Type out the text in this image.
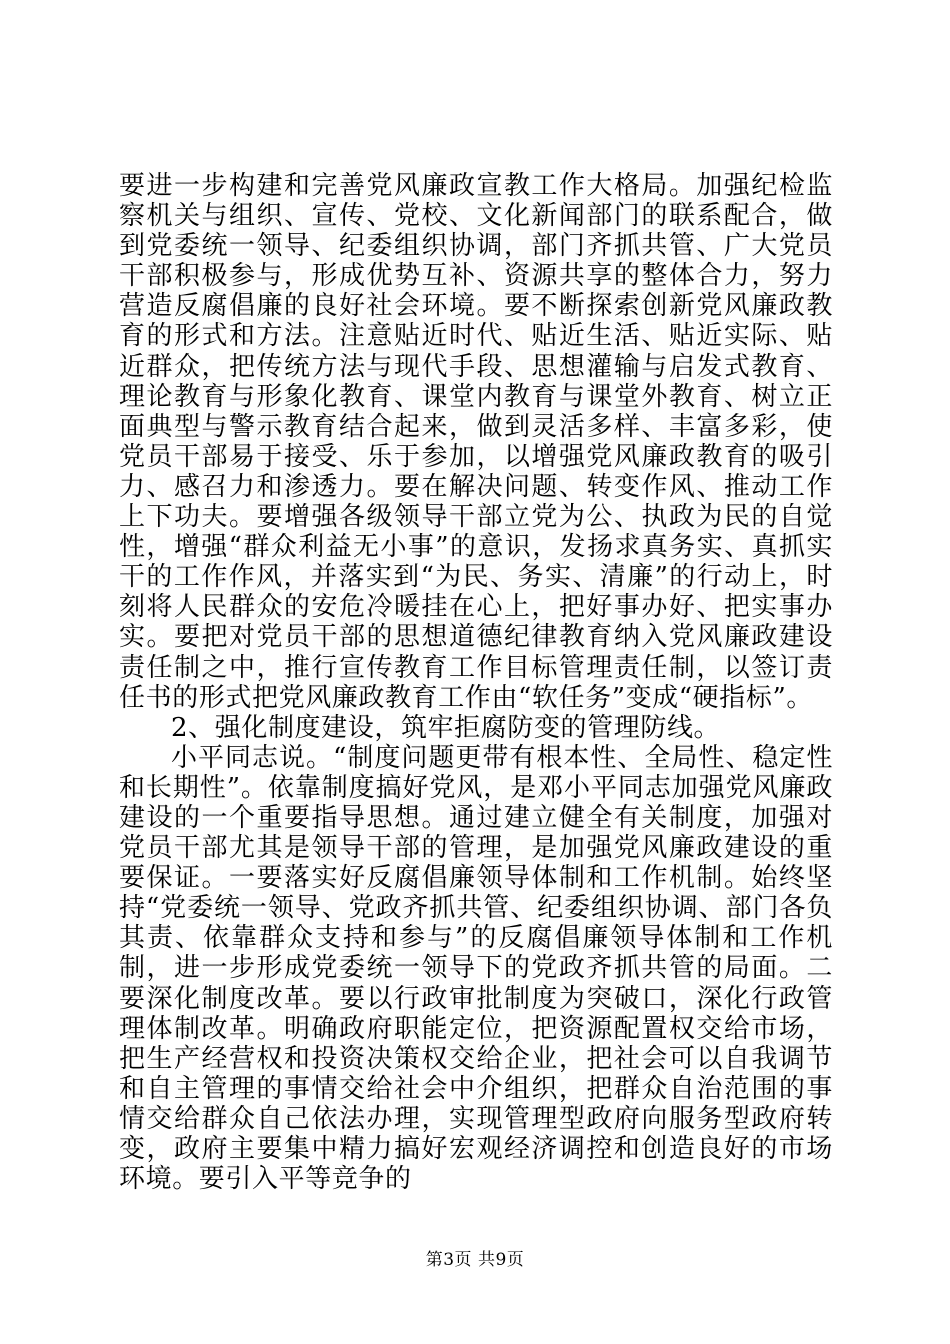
要进一步构建和完善党风廉政宣教工作大格局。加强纪检监察机关与组织、宣传、党校、文化新闻部门的联系配合，做到党委统一领导、纪委组织协调，部门齐抓共管、广大党员干部积极参与，形成优势互补、资源共享的整体合力，努力营造反腐倡廉的良好社会环境。要不断探索创新党风廉政教育的形式和方法。注意贴近时代、贴近生活、贴近实际、贴近群众，把传统方法与现代手段、思想灌输与启发式教育、理论教育与形象化教育、课堂内教育与课堂外教育、树立正面典型与警示教育结合起来，做到灵活多样、丰富多彩，使党员干部易于接受、乐于参加，以增强党风廉政教育的吸引力、感召力和渗透力。要在解决问题、转变作风、推动工作上下功夫。要增强各级领导干部立党为公、执政为民的自觉性，增强“群众利益无小事”的意识，发扬求真务实、真抓实干的工作作风，并落实到“为民、务实、清廉”的行动上，时刻将人民群众的安危冷暖挂在心上，把好事办好、把实事办实。要把对党员干部的思想道德纪律教育纳入党风廉政建设责任制之中，推行宣传教育工作目标管理责任制，以签订责任书的形式把党风廉政教育工作由“软任务”变成“硬指标”。

2、强化制度建设，筑牢拒腐防变的管理防线。

小平同志说。“制度问题更带有根本性、全局性、稳定性和长期性”。依靠制度搞好党风，是邓小平同志加强党风廉政建设的一个重要指导思想。通过建立健全有关制度，加强对党员干部尤其是领导干部的管理，是加强党风廉政建设的重要保证。一要落实好反腐倡廉领导体制和工作机制。始终坚持“党委统一领导、党政齐抓共管、纪委组织协调、部门各负其责、依靠群众支持和参与”的反腐倡廉领导体制和工作机制，进一步形成党委统一领导下的党政齐抓共管的局面。二要深化制度改革。要以行政审批制度为突破口，深化行政管理体制改革。明确政府职能定位，把资源配置权交给市场，把生产经营权和投资决策权交给企业，把社会可以自我调节和自主管理的事情交给社会中介组织，把群众自治范围的事情交给群众自己依法办理，实现管理型政府向服务型政府转变，政府主要集中精力搞好宏观经济调控和创造良好的市场环境。要引入平等竞争的

第3页 共9页
